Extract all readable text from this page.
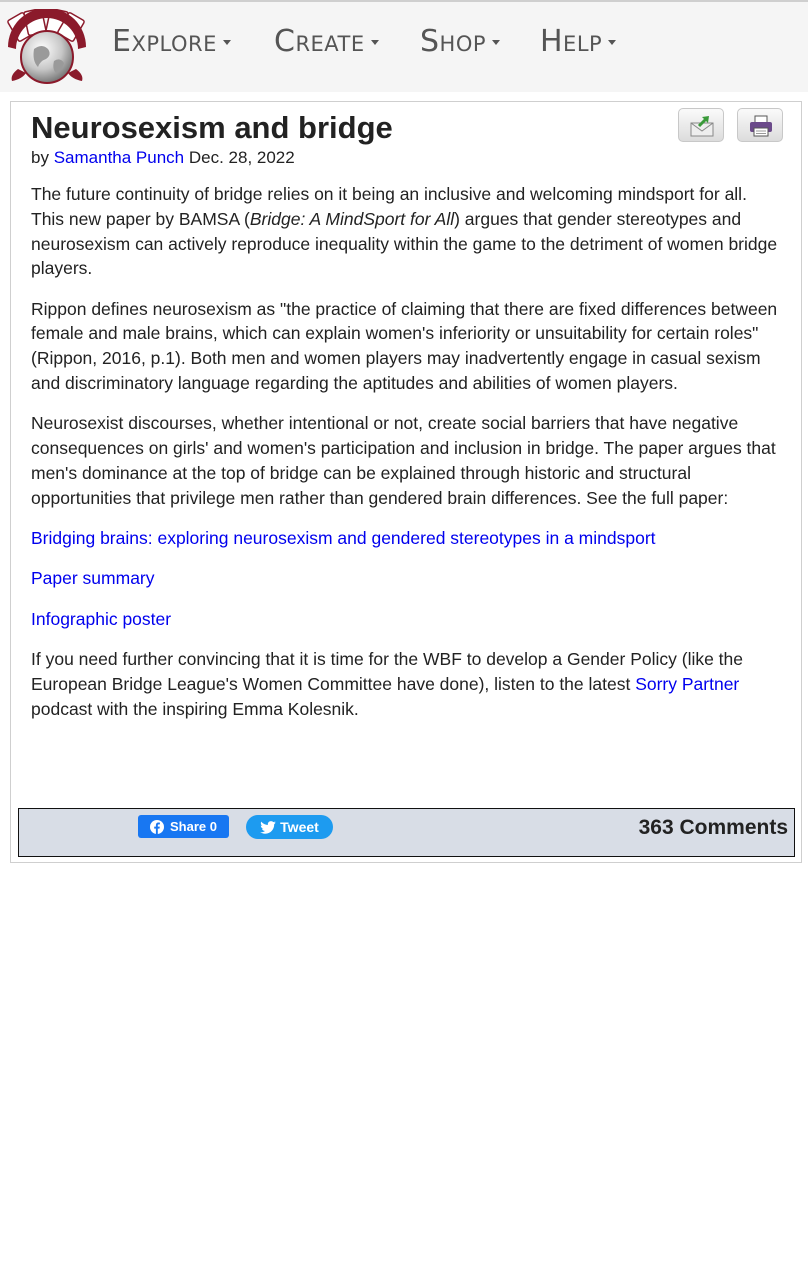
Explore	Create	Shop	Help
Neurosexism and bridge
by Samantha Punch Dec. 28, 2022

The future continuity of bridge relies on it being an inclusive and welcoming mindsport for all. This new paper by BAMSA (Bridge: A MindSport for All) argues that gender stereotypes and neurosexism can actively reproduce inequality within the game to the detriment of women bridge players.

Rippon defines neurosexism as "the practice of claiming that there are fixed differences between female and male brains, which can explain women's inferiority or unsuitability for certain roles" (Rippon, 2016, p.1). Both men and women players may inadvertently engage in casual sexism and discriminatory language regarding the aptitudes and abilities of women players.

Neurosexist discourses, whether intentional or not, create social barriers that have negative consequences on girls' and women's participation and inclusion in bridge. The paper argues that men's dominance at the top of bridge can be explained through historic and structural opportunities that privilege men rather than gendered brain differences. See the full paper:

Bridging brains: exploring neurosexism and gendered stereotypes in a mindsport

Paper summary

Infographic poster

If you need further convincing that it is time for the WBF to develop a Gender Policy (like the European Bridge League's Women Committee have done), listen to the latest Sorry Partner podcast with the inspiring Emma Kolesnik.

Share 0	Tweet	363 Comments
